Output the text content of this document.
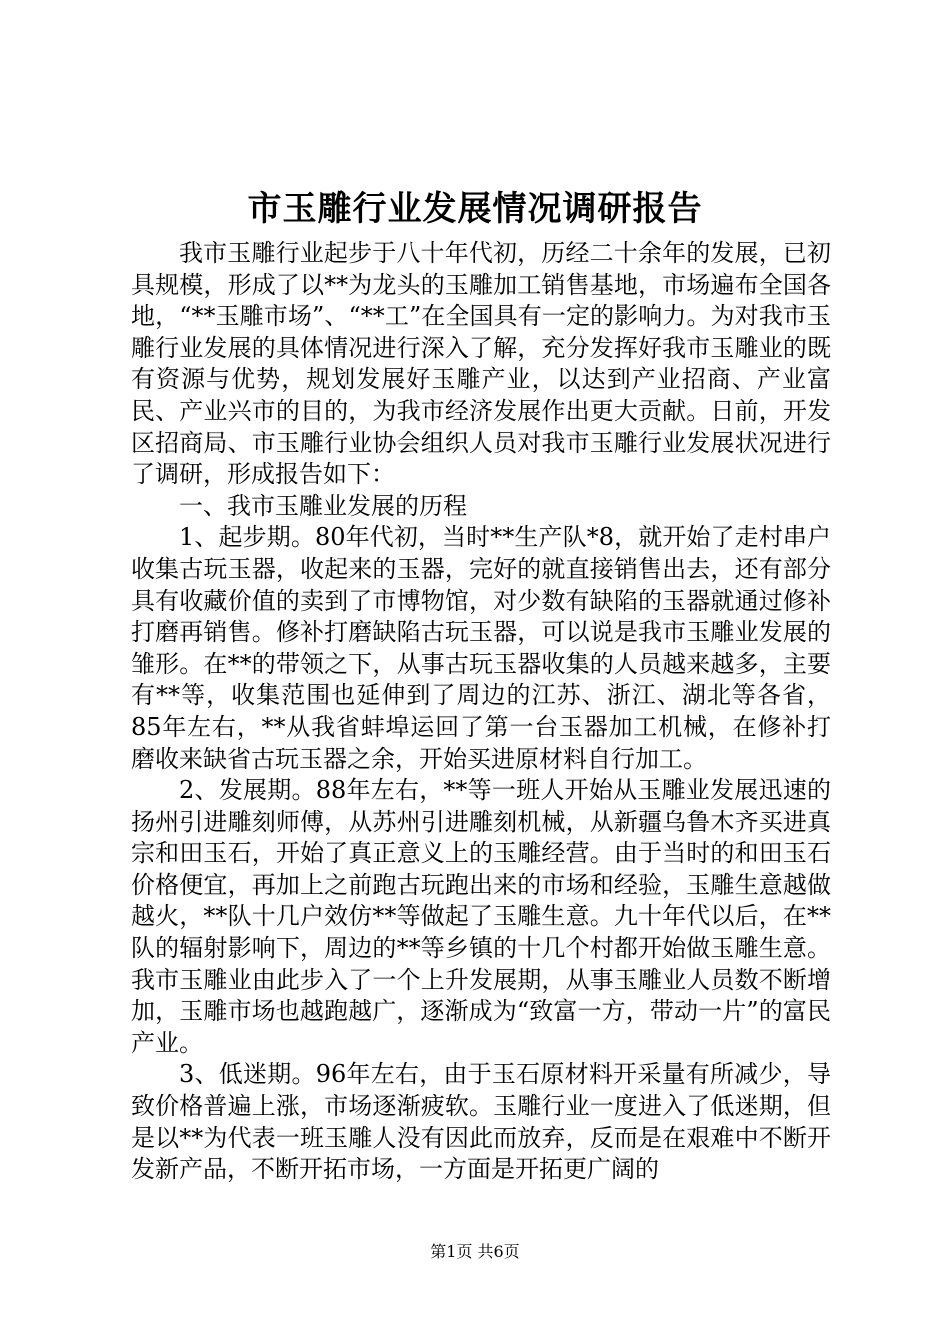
市玉雕行业发展情况调研报告

我市玉雕行业起步于八十年代初，历经二十余年的发展，已初具规模，形成了以**为龙头的玉雕加工销售基地，市场遍布全国各地，“**玉雕市场”、“**工”在全国具有一定的影响力。为对我市玉雕行业发展的具体情况进行深入了解，充分发挥好我市玉雕业的既有资源与优势，规划发展好玉雕产业，以达到产业招商、产业富民、产业兴市的目的，为我市经济发展作出更大贡献。日前，开发区招商局、市玉雕行业协会组织人员对我市玉雕行业发展状况进行了调研，形成报告如下：

一、我市玉雕业发展的历程

1、起步期。80年代初，当时**生产队*8，就开始了走村串户收集古玩玉器，收起来的玉器，完好的就直接销售出去，还有部分具有收藏价值的卖到了市博物馆，对少数有缺陷的玉器就通过修补打磨再销售。修补打磨缺陷古玩玉器，可以说是我市玉雕业发展的雏形。在**的带领之下，从事古玩玉器收集的人员越来越多，主要有**等，收集范围也延伸到了周边的江苏、浙江、湖北等各省，85年左右，**从我省蚌埠运回了第一台玉器加工机械，在修补打磨收来缺省古玩玉器之余，开始买进原材料自行加工。

2、发展期。88年左右，**等一班人开始从玉雕业发展迅速的扬州引进雕刻师傅，从苏州引进雕刻机械，从新疆乌鲁木齐买进真宗和田玉石，开始了真正意义上的玉雕经营。由于当时的和田玉石价格便宜，再加上之前跑古玩跑出来的市场和经验，玉雕生意越做越火，**队十几户效仿**等做起了玉雕生意。九十年代以后，在**队的辐射影响下，周边的**等乡镇的十几个村都开始做玉雕生意。我市玉雕业由此步入了一个上升发展期，从事玉雕业人员数不断增加，玉雕市场也越跑越广，逐渐成为“致富一方，带动一片”的富民产业。

3、低迷期。96年左右，由于玉石原材料开采量有所减少，导致价格普遍上涨，市场逐渐疲软。玉雕行业一度进入了低迷期，但是以**为代表一班玉雕人没有因此而放弃，反而是在艰难中不断开发新产品，不断开拓市场，一方面是开拓更广阔的

第1页 共6页
